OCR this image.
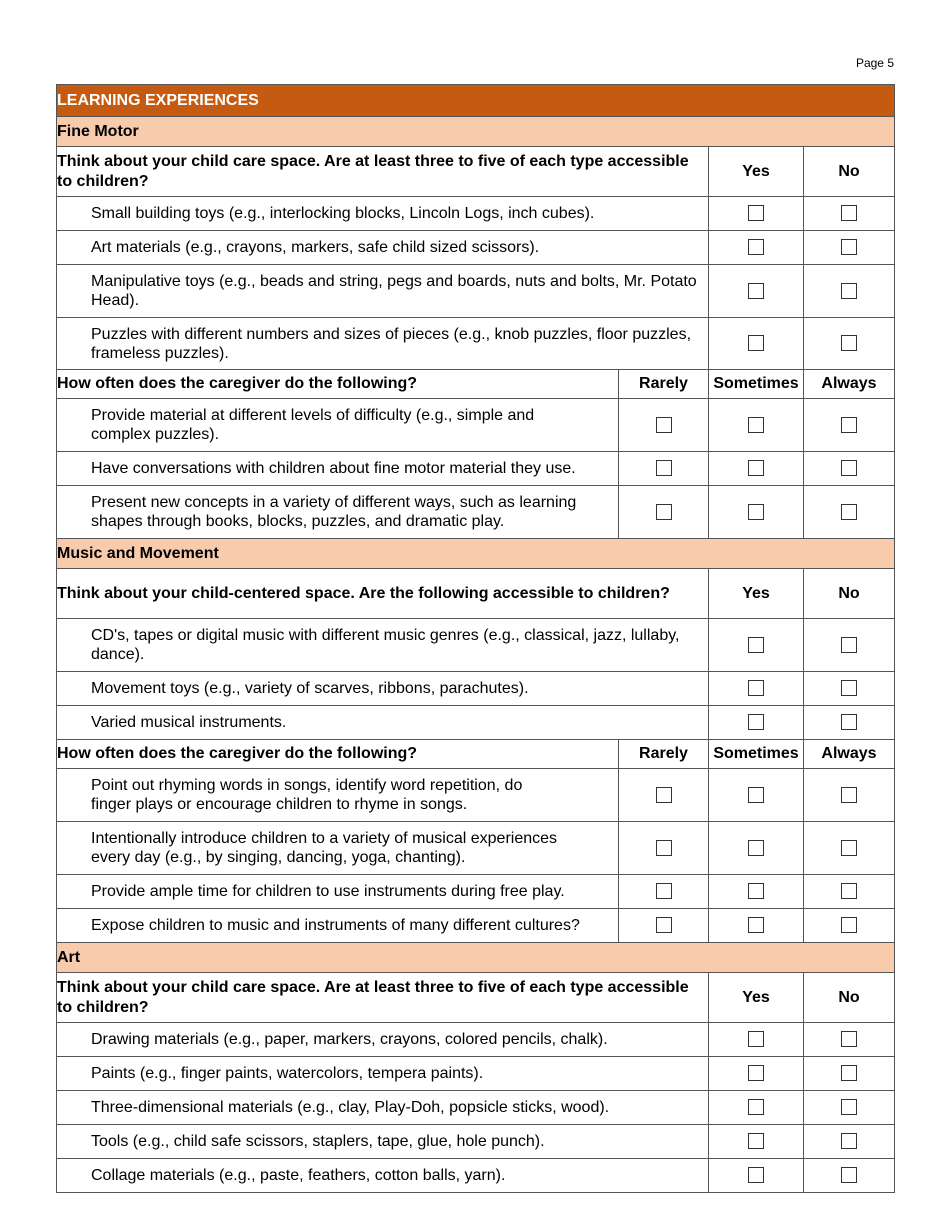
Page 5
LEARNING EXPERIENCES			
Fine Motor			
Think about your child care space. Are at least three to five of each type accessible to children?		Yes	No
Small building toys (e.g., interlocking blocks, Lincoln Logs, inch cubes).			
Art materials (e.g., crayons, markers, safe child sized scissors).			
Manipulative toys (e.g., beads and string, pegs and boards, nuts and bolts, Mr. Potato Head).			
Puzzles with different numbers and sizes of pieces (e.g., knob puzzles, floor puzzles, frameless puzzles).			
How often does the caregiver do the following?	Rarely	Sometimes	Always
Provide material at different levels of difficulty (e.g., simple and complex puzzles).			
Have conversations with children about fine motor material they use.			
Present new concepts in a variety of different ways, such as learning shapes through books, blocks, puzzles, and dramatic play.			
Music and Movement			
Think about your child-centered space. Are the following accessible to children?		Yes	No
CD's, tapes or digital music with different music genres (e.g., classical, jazz, lullaby, dance).			
Movement toys (e.g., variety of scarves, ribbons, parachutes).			
Varied musical instruments.			
How often does the caregiver do the following?	Rarely	Sometimes	Always
Point out rhyming words in songs, identify word repetition, do finger plays or encourage children to rhyme in songs.			
Intentionally introduce children to a variety of musical experiences every day (e.g., by singing, dancing, yoga, chanting).			
Provide ample time for children to use instruments during free play.			
Expose children to music and instruments of many different cultures?			
Art			
Think about your child care space. Are at least three to five of each type accessible to children?		Yes	No
Drawing materials (e.g., paper, markers, crayons, colored pencils, chalk).			
Paints (e.g., finger paints, watercolors, tempera paints).			
Three-dimensional materials (e.g., clay, Play-Doh, popsicle sticks, wood).			
Tools (e.g., child safe scissors, staplers, tape, glue, hole punch).			
Collage materials (e.g., paste, feathers, cotton balls, yarn).			
